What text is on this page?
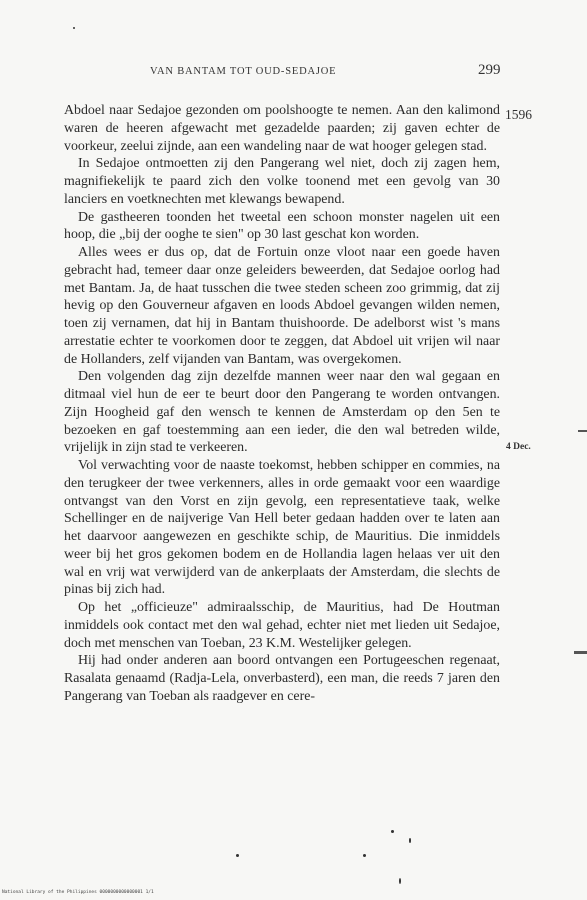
VAN BANTAM TOT OUD-SEDAJOE	299

Abdoel naar Sedajoe gezonden om poolshoogte te nemen. Aan den kalimond waren de heeren afgewacht met gezadelde paarden; zij gaven echter de voorkeur, zeelui zijnde, aan een wandeling naar de wat hooger gelegen stad.

In Sedajoe ontmoetten zij den Pangerang wel niet, doch zij zagen hem, magnifiekelijk te paard zich den volke toonend met een gevolg van 30 lanciers en voetknechten met klewangs bewapend.

De gastheeren toonden het tweetal een schoon monster nagelen uit een hoop, die „bij der ooghe te sien" op 30 last geschat kon worden.

Alles wees er dus op, dat de Fortuin onze vloot naar een goede haven gebracht had, temeer daar onze geleiders beweerden, dat Sedajoe oorlog had met Bantam. Ja, de haat tusschen die twee steden scheen zoo grimmig, dat zij hevig op den Gouverneur afgaven en loods Abdoel gevangen wilden nemen, toen zij vernamen, dat hij in Bantam thuishoorde. De adelborst wist 's mans arrestatie echter te voorkomen door te zeggen, dat Abdoel uit vrijen wil naar de Hollanders, zelf vijanden van Bantam, was overgekomen.

Den volgenden dag zijn dezelfde mannen weer naar den wal gegaan en ditmaal viel hun de eer te beurt door den Pangerang te worden ontvangen. Zijn Hoogheid gaf den wensch te kennen de Amsterdam op den 5en te bezoeken en gaf toestemming aan een ieder, die den wal betreden wilde, vrijelijk in zijn stad te verkeeren.

Vol verwachting voor de naaste toekomst, hebben schipper en commies, na den terugkeer der twee verkenners, alles in orde gemaakt voor een waardige ontvangst van den Vorst en zijn gevolg, een representatieve taak, welke Schellinger en de naijverige Van Hell beter gedaan hadden over te laten aan het daarvoor aangewezen en geschikte schip, de Mauritius. Die inmiddels weer bij het gros gekomen bodem en de Hollandia lagen helaas ver uit den wal en vrij wat verwijderd van de ankerplaats der Amsterdam, die slechts de pinas bij zich had.

Op het „officieuze" admiraalsschip, de Mauritius, had De Houtman inmiddels ook contact met den wal gehad, echter niet met lieden uit Sedajoe, doch met menschen van Toeban, 23 K.M. Westelijker gelegen.

Hij had onder anderen aan boord ontvangen een Portugeeschen regenaat, Rasalata genaamd (Radja-Lela, onverbasterd), een man, die reeds 7 jaren den Pangerang van Toeban als raadgever en cere-

1596
4 Dec.
National Library of the Philippines 0000000000000001 1/1
